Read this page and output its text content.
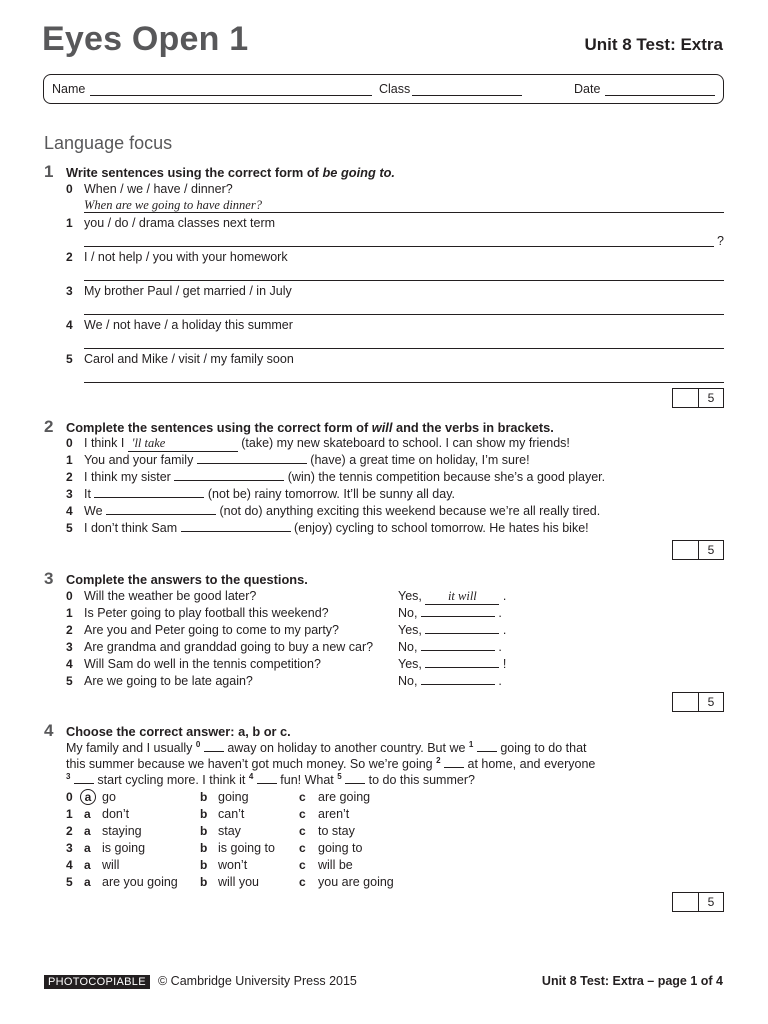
Eyes Open 1	Unit 8 Test: Extra
Name	Class	Date
Language focus
1 Write sentences using the correct form of be going to.
0 When / we / have / dinner?
When are we going to have dinner?
1 you / do / drama classes next term
?
2 I / not help / you with your homework
3 My brother Paul / get married / in July
4 We / not have / a holiday this summer
5 Carol and Mike / visit / my family soon
5
2 Complete the sentences using the correct form of will and the verbs in brackets.
0 I think I 'll take	(take) my new skateboard to school. I can show my friends!
1 You and your family	(have) a great time on holiday, I’m sure!
2 I think my sister	(win) the tennis competition because she’s a good player.
3 It	(not be) rainy tomorrow. It’ll be sunny all day.
4 We	(not do) anything exciting this weekend because we’re all really tired.
5 I don’t think Sam	(enjoy) cycling to school tomorrow. He hates his bike!
5
3 Complete the answers to the questions.
0 Will the weather be good later?	Yes, it will .
1 Is Peter going to play football this weekend?	No,	.
2 Are you and Peter going to come to my party?	Yes,	.
3 Are grandma and granddad going to buy a new car? No,	.
4 Will Sam do well in the tennis competition?	Yes,	!
5 Are we going to be late again?	No,	.
5
4 Choose the correct answer: a, b or c.
My family and I usually $^0$  away on holiday to another country. But we $^1$  going to do that
this summer because we haven’t got much money. So we’re going $^2$  at home, and everyone
$^3$  start cycling more. I think it $^4$  fun! What $^5$  to do this summer?
0 a go	b going	c are going
1 a don’t	b can’t	c aren’t
2 a staying	b stay	c to stay
3 a is going	b is going to c going to
4 a will	b won’t	c will be
5 a are you going b will you	c you are going
5
PHOTOCOPIABLE © Cambridge University Press 2015	Unit 8 Test: Extra – page 1 of 4
